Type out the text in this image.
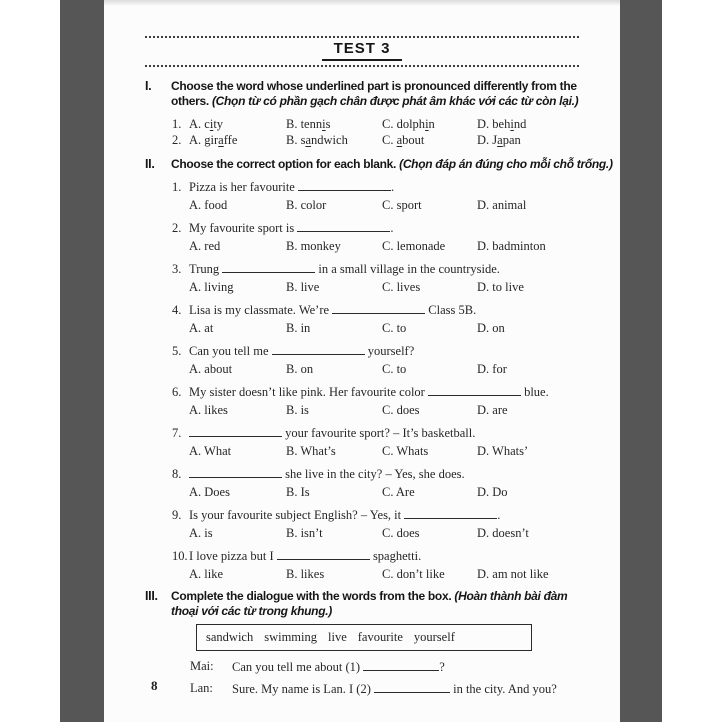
TEST 3
I.	Choose the word whose underlined part is pronounced differently from the others. (Chọn từ có phần gạch chân được phát âm khác với các từ còn lại.)
1. A. city	B. tennis	C. dolphin	D. behind
2. A. giraffe	B. sandwich	C. about	D. Japan
II.	Choose the correct option for each blank. (Chọn đáp án đúng cho mỗi chỗ trống.)
1. Pizza is her favourite	.
A. food	B. color	C. sport	D. animal
2. My favourite sport is	.
A. red	B. monkey	C. lemonade	D. badminton
3. Trung	in a small village in the countryside.
A. living	B. live	C. lives	D. to live
4. Lisa is my classmate. We’re	Class 5B.
A. at	B. in	C. to	D. on
5. Can you tell me	yourself?
A. about	B. on	C. to	D. for
6. My sister doesn’t like pink. Her favourite color	blue.
A. likes	B. is	C. does	D. are
7.	your favourite sport? – It’s basketball.
A. What	B. What’s	C. Whats	D. Whats’
8.	she live in the city? – Yes, she does.
A. Does	B. Is	C. Are	D. Do
9. Is your favourite subject English? – Yes, it	.
A. is	B. isn’t	C. does	D. doesn’t
10.I love pizza but I	spaghetti.
A. like	B. likes	C. don’t like	D. am not like
III.	Complete the dialogue with the words from the box. (Hoàn thành bài đàm thoại với các từ trong khung.)
sandwich swimming live favourite yourself
Mai:	Can you tell me about (1)	?
Lan:	Sure. My name is Lan. I (2)	in the city. And you?
8
